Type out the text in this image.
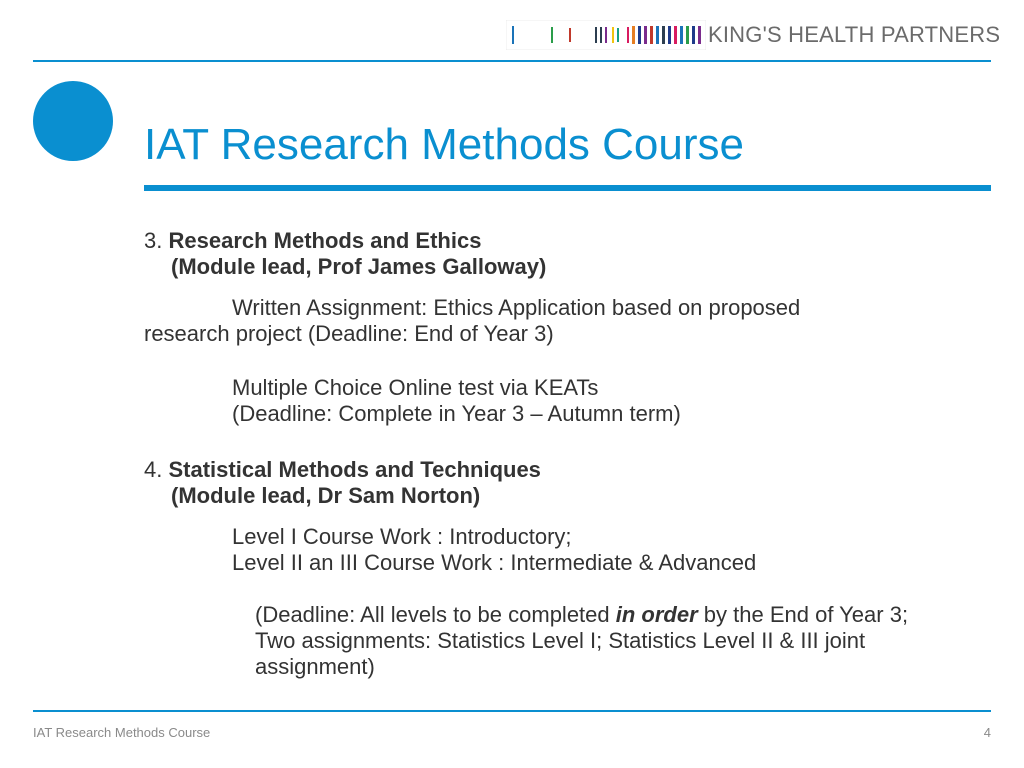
KING'S HEALTH PARTNERS
IAT Research Methods Course

3. Research Methods and Ethics

(Module lead, Prof James Galloway)

Written Assignment: Ethics Application based on proposed
research project (Deadline: End of Year 3)

Multiple Choice Online test via KEATs
(Deadline: Complete in Year 3 – Autumn term)

4. Statistical Methods and Techniques

(Module lead, Dr Sam Norton)

Level I Course Work : Introductory;
Level II an III Course Work : Intermediate & Advanced

(Deadline: All levels to be completed in order by the End of Year 3;
Two assignments: Statistics Level I; Statistics Level II & III joint
assignment)

IAT Research Methods Course	4
